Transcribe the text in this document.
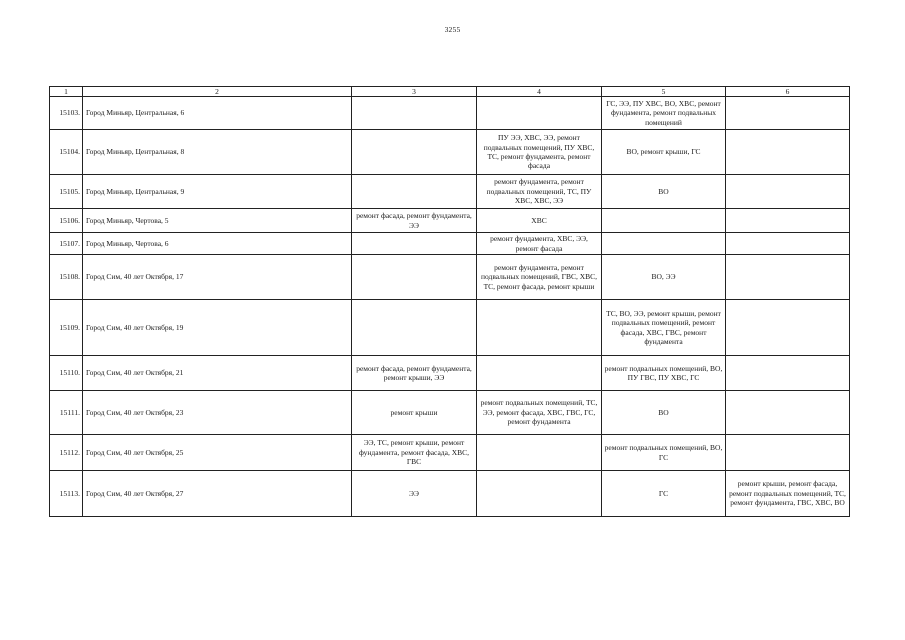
3255
1	2	3	4	5	6
15103.	Город Миньяр, Центральная, 6			ГС, ЭЭ, ПУ ХВС, ВО, ХВС, ремонт фундамента, ремонт подвальных помещений	
15104.	Город Миньяр, Центральная, 8		ПУ ЭЭ, ХВС, ЭЭ, ремонт подвальных помещений, ПУ ХВС, ТС, ремонт фундамента, ремонт фасада	ВО, ремонт крыши, ГС	
15105.	Город Миньяр, Центральная, 9		ремонт фундамента, ремонт подвальных помещений, ТС, ПУ ХВС, ХВС, ЭЭ	ВО	
15106.	Город Миньяр, Чертова, 5	ремонт фасада, ремонт фундамента, ЭЭ	ХВС		
15107.	Город Миньяр, Чертова, 6		ремонт фундамента, ХВС, ЭЭ, ремонт фасада		
15108.	Город Сим, 40 лет Октября, 17		ремонт фундамента, ремонт подвальных помещений, ГВС, ХВС, ТС, ремонт фасада, ремонт крыши	ВО, ЭЭ	
15109.	Город Сим, 40 лет Октября, 19			ТС, ВО, ЭЭ, ремонт крыши, ремонт подвальных помещений, ремонт фасада, ХВС, ГВС, ремонт фундамента	
15110.	Город Сим, 40 лет Октября, 21	ремонт фасада, ремонт фундамента, ремонт крыши, ЭЭ		ремонт подвальных помещений, ВО, ПУ ГВС, ПУ ХВС, ГС	
15111.	Город Сим, 40 лет Октября, 23	ремонт крыши	ремонт подвальных помещений, ТС, ЭЭ, ремонт фасада, ХВС, ГВС, ГС, ремонт фундамента	ВО	
15112.	Город Сим, 40 лет Октября, 25	ЭЭ, ТС, ремонт крыши, ремонт фундамента, ремонт фасада, ХВС, ГВС		ремонт подвальных помещений, ВО, ГС	
15113.	Город Сим, 40 лет Октября, 27	ЭЭ		ГС	ремонт крыши, ремонт фасада, ремонт подвальных помещений, ТС, ремонт фундамента, ГВС, ХВС, ВО
